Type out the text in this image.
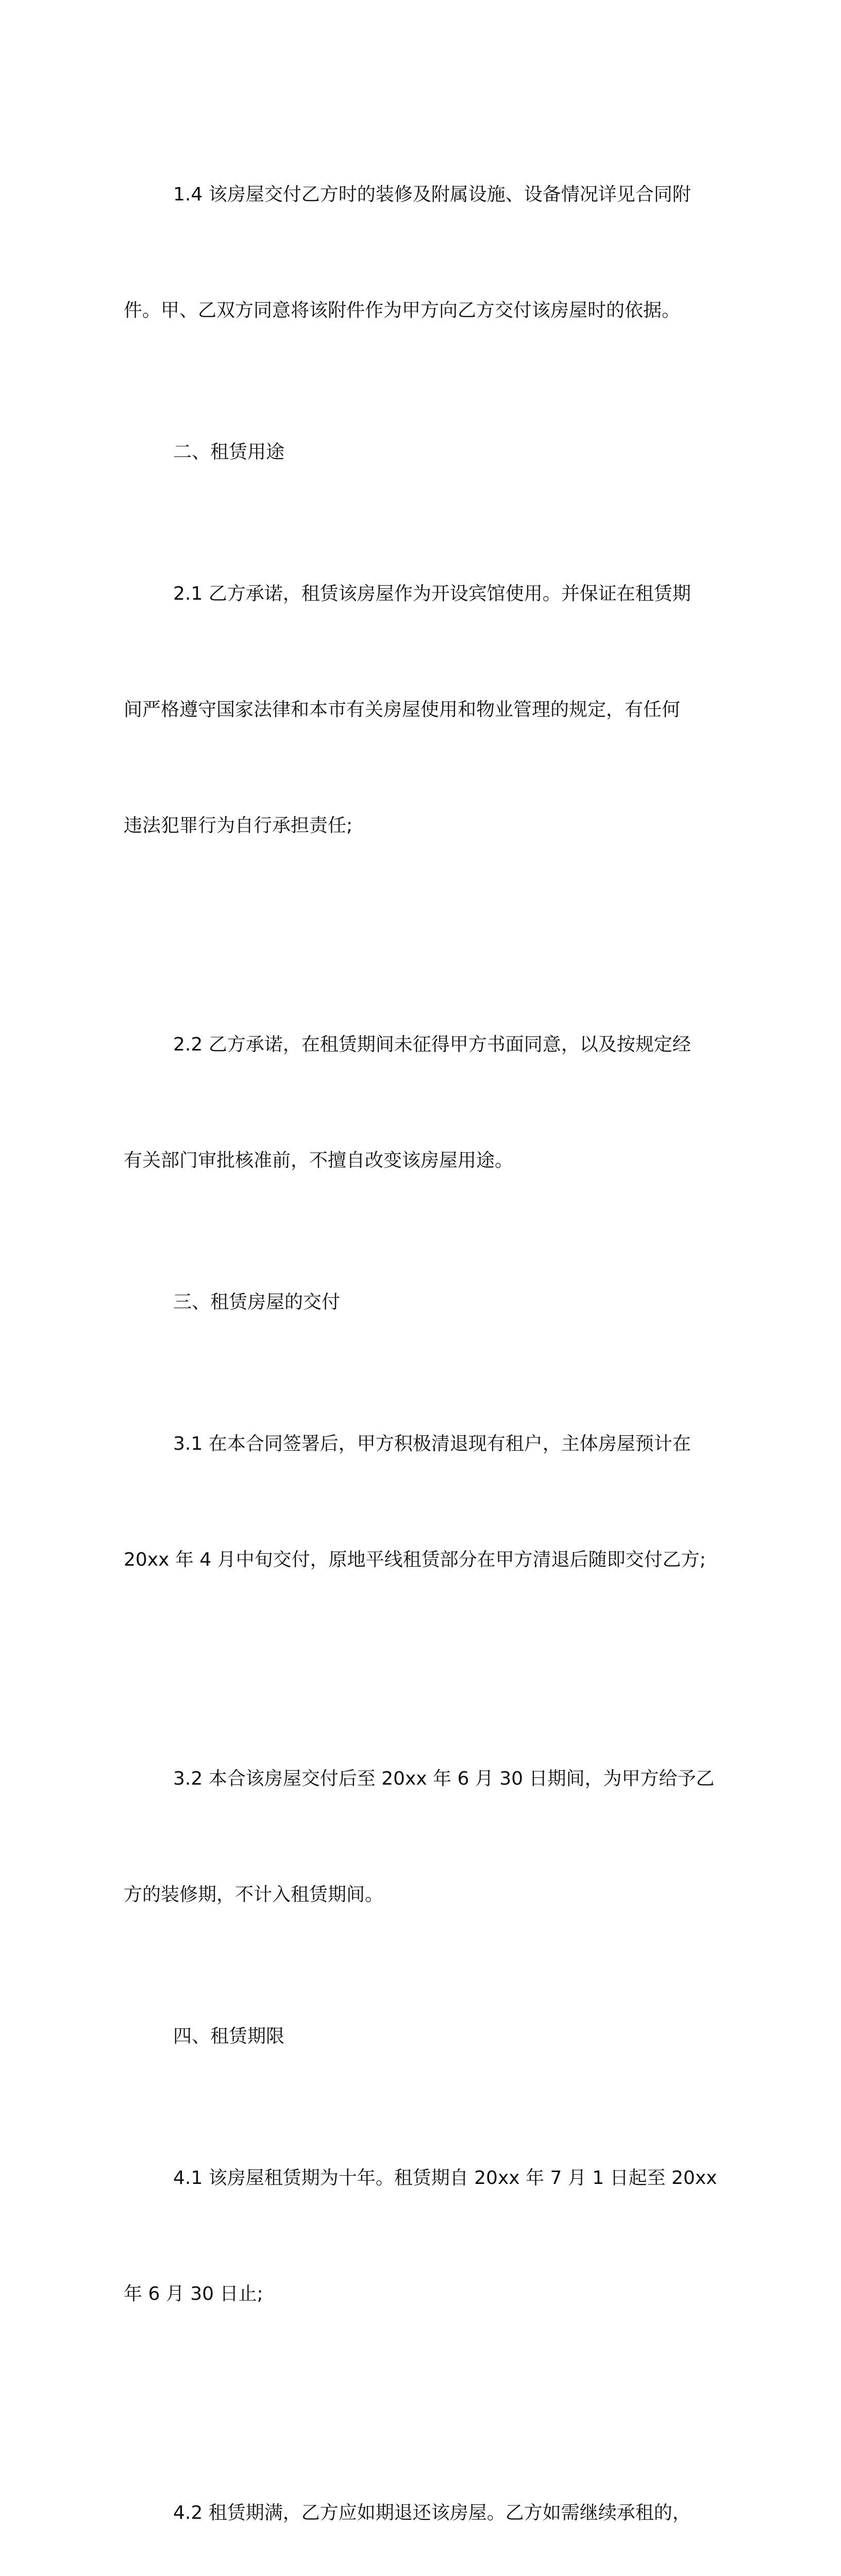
1.4 该房屋交付乙方时的装修及附属设施、设备情况详见合同附

件。甲、乙双方同意将该附件作为甲方向乙方交付该房屋时的依据。

二、租赁用途

2.1 乙方承诺，租赁该房屋作为开设宾馆使用。并保证在租赁期

间严格遵守国家法律和本市有关房屋使用和物业管理的规定，有任何

违法犯罪行为自行承担责任;

2.2 乙方承诺，在租赁期间未征得甲方书面同意，以及按规定经

有关部门审批核准前，不擅自改变该房屋用途。

三、租赁房屋的交付

3.1 在本合同签署后，甲方积极清退现有租户，主体房屋预计在

20xx 年 4 月中旬交付，原地平线租赁部分在甲方清退后随即交付乙方;

3.2 本合该房屋交付后至 20xx 年 6 月 30 日期间，为甲方给予乙

方的装修期，不计入租赁期间。

四、租赁期限

4.1 该房屋租赁期为十年。租赁期自 20xx 年 7 月 1 日起至 20xx

年 6 月 30 日止;

4.2 租赁期满，乙方应如期退还该房屋。乙方如需继续承租的，
